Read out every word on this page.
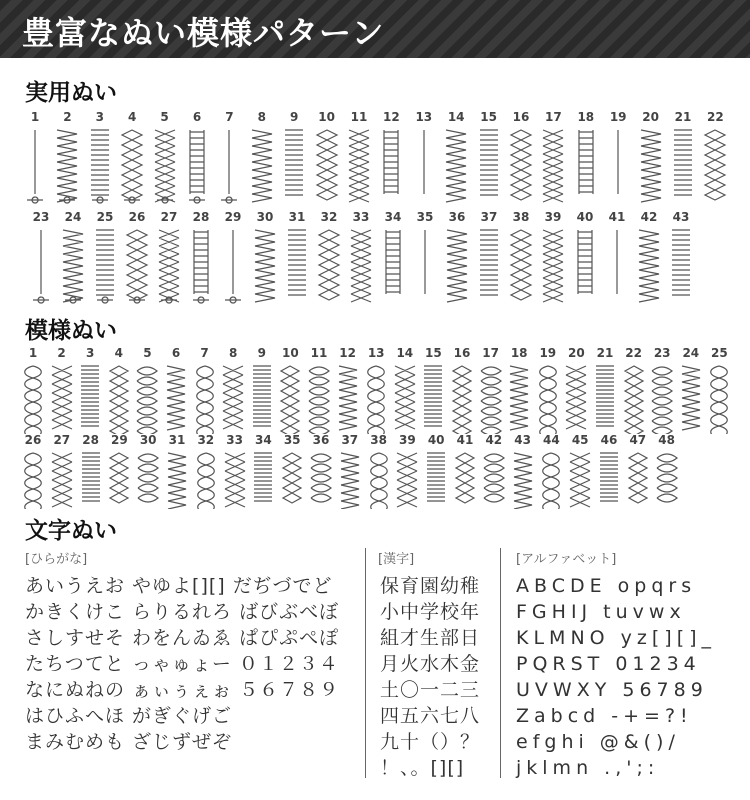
豊富なぬい模様パターン
実用ぬい
1	2	3	4	5	6	7	8	9	10	11	12	13	14	15	16	17	18	19	20	21	22
23	24	25	26	27	28	29	30	31	32	33	34	35	36	37	38	39	40	41	42	43
模様ぬい
1	2	3	4	5	6	7	8	9	10 11 12 13 14 15 16 17 18 19 20 21 22 23 24 25
26	27	28	29	30	31	32	33	34	35	36	37	38	39	40	41	42	43	44	45	46	47	48
文字ぬい
[ひらがな]
あいうえお やゆよ[][] だぢづでど
かきくけこ らりるれろ ばびぶべぼ
さしすせそ わをんゐゑ ぱぴぷぺぽ
たちつてと っゃゅょー ０１２３４
なにぬねの ぁぃぅぇぉ ５６７８９
はひふへほ がぎぐげご
まみむめも ざじずぜぞ
[漢字]
保育園幼稚
小中学校年
組才生部日
月火水木金
土〇一二三
四五六七八
九十（）？
！、。[][]
[アルファベット]
ABCDE opqrs
FGHIJ tuvwx
KLMNO yz[][]_
PQRST 01234
UVWXY 56789
Zabcd -+=?!
efghi @&()/
jklmn .,';:
